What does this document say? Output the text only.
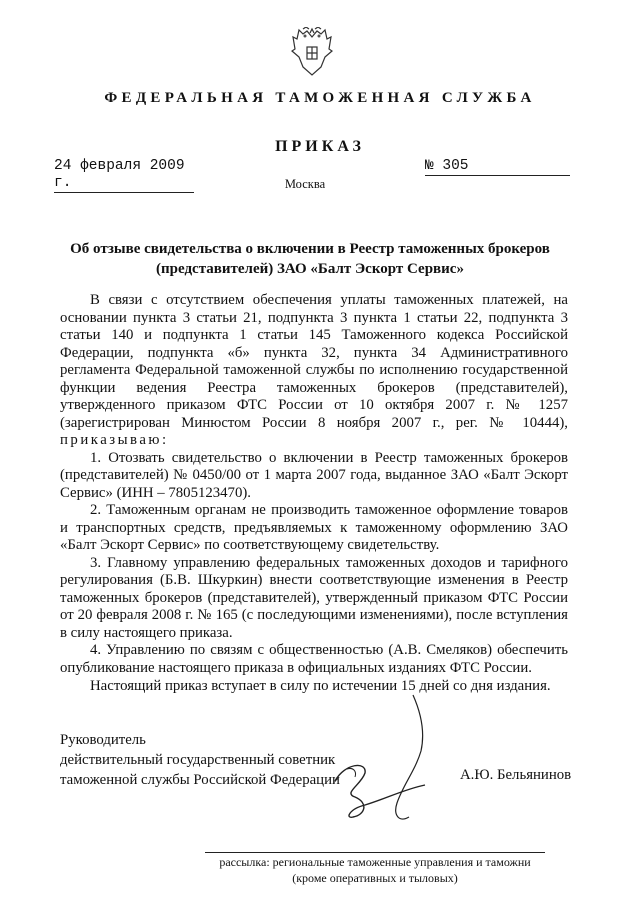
ФЕДЕРАЛЬНАЯ ТАМОЖЕННАЯ СЛУЖБА
ПРИКАЗ
24 февраля 2009 г.
№ 305
Москва
Об отзыве свидетельства о включении в Реестр таможенных брокеров
(представителей) ЗАО «Балт Эскорт Сервис»

В связи с отсутствием обеспечения уплаты таможенных платежей, на основании пункта 3 статьи 21, подпункта 3 пункта 1 статьи 22, подпункта 3 статьи 140 и подпункта 1 статьи 145 Таможенного кодекса Российской Федерации, подпункта «б» пункта 32, пункта 34 Административного регламента Федеральной таможенной службы по исполнению государственной функции ведения Реестра таможенных брокеров (представителей), утвержденного приказом ФТС России от 10 октября 2007 г. № 1257 (зарегистрирован Минюстом России 8 ноября 2007 г., рег. № 10444), приказываю:

1. Отозвать свидетельство о включении в Реестр таможенных брокеров (представителей) № 0450/00 от 1 марта 2007 года, выданное ЗАО «Балт Эскорт Сервис» (ИНН – 7805123470).

2. Таможенным органам не производить таможенное оформление товаров и транспортных средств, предъявляемых к таможенному оформлению ЗАО «Балт Эскорт Сервис» по соответствующему свидетельству.

3. Главному управлению федеральных таможенных доходов и тарифного регулирования (Б.В. Шкуркин) внести соответствующие изменения в Реестр таможенных брокеров (представителей), утвержденный приказом ФТС России от 20 февраля 2008 г. № 165 (с последующими изменениями), после вступления в силу настоящего приказа.

4. Управлению по связям с общественностью (А.В. Смеляков) обеспечить опубликование настоящего приказа в официальных изданиях ФТС России.

Настоящий приказ вступает в силу по истечении 15 дней со дня издания.
Руководитель
действительный государственный советник
таможенной службы Российской Федерации	А.Ю. Бельянинов
рассылка: региональные таможенные управления и таможни
(кроме оперативных и тыловых)
